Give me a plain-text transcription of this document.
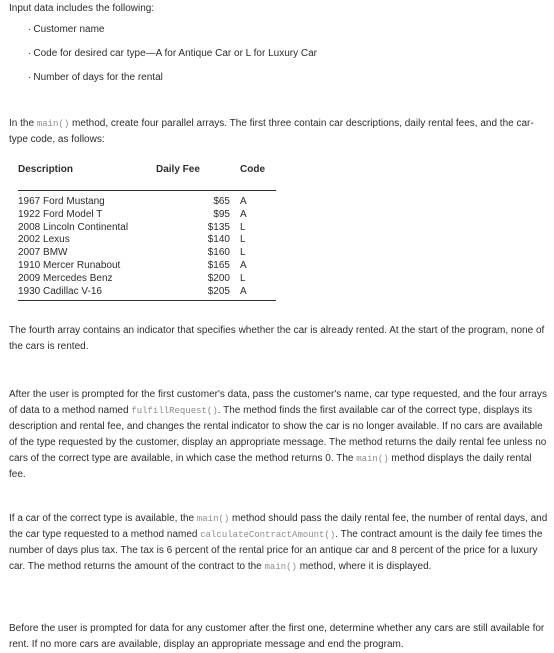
Input data includes the following:

· Customer name
· Code for desired car type—A for Antique Car or L for Luxury Car
· Number of days for the rental

In the main() method, create four parallel arrays. The first three contain car descriptions, daily rental fees, and the car-type code, as follows:

Description	Daily Fee	Code
1967 Ford Mustang	$65	A
1922 Ford Model T	$95	A
2008 Lincoln Continental	$135	L
2002 Lexus	$140	L
2007 BMW	$160	L
1910 Mercer Runabout	$165	A
2009 Mercedes Benz	$200	L
1930 Cadillac V-16	$205	A

The fourth array contains an indicator that specifies whether the car is already rented. At the start of the program, none of the cars is rented.

After the user is prompted for the first customer's data, pass the customer's name, car type requested, and the four arrays of data to a method named fulfillRequest(). The method finds the first available car of the correct type, displays its description and rental fee, and changes the rental indicator to show the car is no longer available. If no cars are available of the type requested by the customer, display an appropriate message. The method returns the daily rental fee unless no cars of the correct type are available, in which case the method returns 0. The main() method displays the daily rental fee.

If a car of the correct type is available, the main() method should pass the daily rental fee, the number of rental days, and the car type requested to a method named calculateContractAmount(). The contract amount is the daily fee times the number of days plus tax. The tax is 6 percent of the rental price for an antique car and 8 percent of the price for a luxury car. The method returns the amount of the contract to the main() method, where it is displayed.

Before the user is prompted for data for any customer after the first one, determine whether any cars are still available for rent. If no more cars are available, display an appropriate message and end the program.
